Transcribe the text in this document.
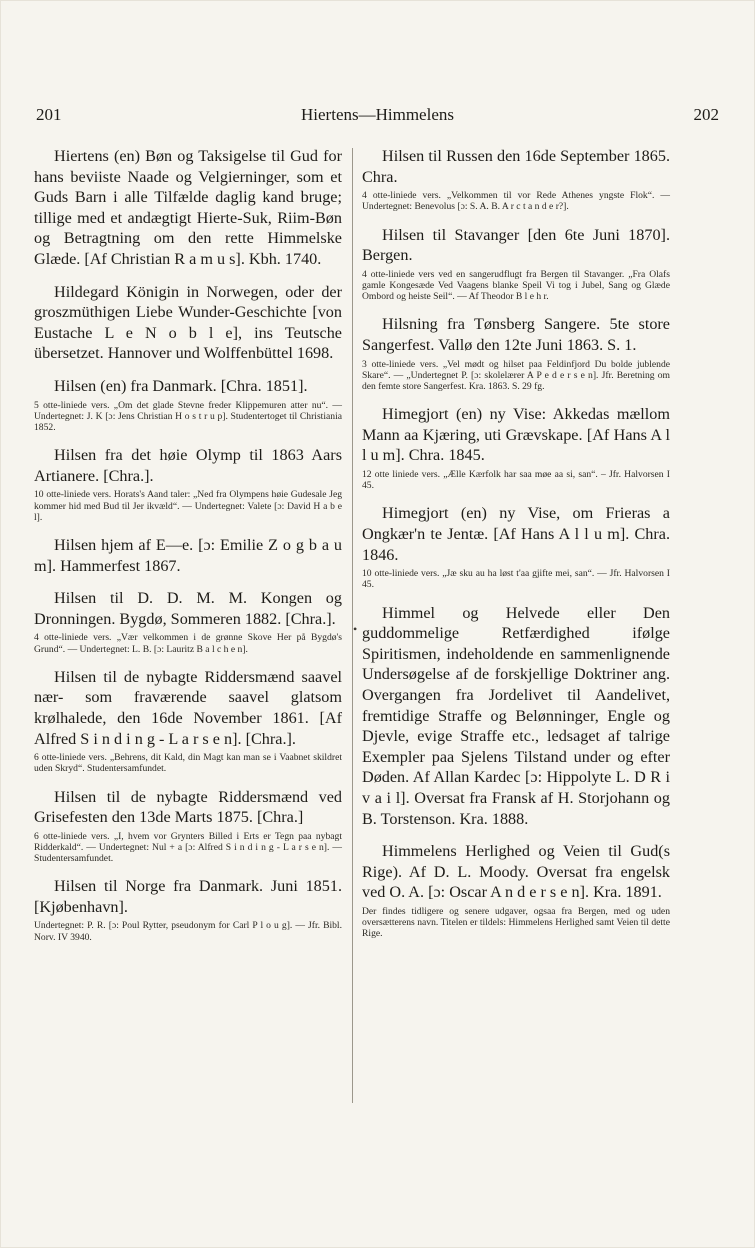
201	Hiertens—Himmelens	202

Hiertens (en) Bøn og Taksigelse til Gud for hans beviiste Naade og Velgierninger, som et Guds Barn i alle Tilfælde daglig kand bruge; tillige med et andægtigt Hierte-Suk, Riim-Bøn og Betragtning om den rette Himmelske Glæde. [Af Christian R a m u s]. Kbh. 1740.

Hildegard Königin in Norwegen, oder der groszmüthigen Liebe Wunder-Geschichte [von Eustache L e N o b l e], ins Teutsche übersetzet. Hannover und Wolffenbüttel 1698.

Hilsen (en) fra Danmark. [Chra. 1851].

5 otte-liniede vers. „Om det glade Stevne freder Klippemuren atter nu“. — Undertegnet: J. K [ɔ: Jens Christian H o s t r u p]. Studentertoget til Christiania 1852.

Hilsen fra det høie Olymp til 1863 Aars Artianere. [Chra.].

10 otte-liniede vers. Horats's Aand taler: „Ned fra Olympens høie Gudesale Jeg kommer hid med Bud til Jer ikvæld“. — Undertegnet: Valete [ɔ: David H a b e l].

Hilsen hjem af E—e. [ɔ: Emilie Z o g b a u m]. Hammerfest 1867.

Hilsen til D. D. M. M. Kongen og Dronningen. Bygdø, Sommeren 1882. [Chra.].

4 otte-liniede vers. „Vær velkommen i de grønne Skove Her på Bygdø's Grund“. — Undertegnet: L. B. [ɔ: Lauritz B a l c h e n].

Hilsen til de nybagte Riddersmænd saavel nær- som fraværende saavel glatsom krølhalede, den 16de November 1861. [Af Alfred S i n d i n g - L a r s e n]. [Chra.].

6 otte-liniede vers. „Behrens, dit Kald, din Magt kan man se i Vaabnet skildret uden Skryd“. Studentersamfundet.

Hilsen til de nybagte Riddersmænd ved Grisefesten den 13de Marts 1875. [Chra.]

6 otte-liniede vers. „I, hvem vor Grynters Billed i Erts er Tegn paa nybagt Ridderkald“. — Undertegnet: Nul + a [ɔ: Alfred S i n d i n g - L a r s e n]. — Studentersamfundet.

Hilsen til Norge fra Danmark. Juni 1851. [Kjøbenhavn].

Undertegnet: P. R. [ɔ: Poul Rytter, pseudonym for Carl P l o u g]. — Jfr. Bibl. Norv. IV 3940.

•

Hilsen til Russen den 16de September 1865. Chra.

4 otte-liniede vers. „Velkommen til vor Rede Athenes yngste Flok“. — Undertegnet: Benevolus [ɔ: S. A. B. A r c t a n d e r?].

Hilsen til Stavanger [den 6te Juni 1870]. Bergen.

4 otte-liniede vers ved en sangerudflugt fra Bergen til Stavanger. „Fra Olafs gamle Kongesæde Ved Vaagens blanke Speil Vi tog i Jubel, Sang og Glæde Ombord og heiste Seil“. — Af Theodor B l e h r.

Hilsning fra Tønsberg Sangere. 5te store Sangerfest. Vallø den 12te Juni 1863. S. 1.

3 otte-liniede vers. „Vel mødt og hilset paa Feldinfjord Du bolde jublende Skare“. — „Undertegnet P. [ɔ: skolelærer A P e d e r s e n]. Jfr. Beretning om den femte store Sangerfest. Kra. 1863. S. 29 fg.

Himegjort (en) ny Vise: Akkedas mællom Mann aa Kjæring, uti Grævskape. [Af Hans A l l u m]. Chra. 1845.

12 otte liniede vers. „Ælle Kærfolk har saa møe aa si, san“. – Jfr. Halvorsen I 45.

Himegjort (en) ny Vise, om Frieras a Ongkær'n te Jentæ. [Af Hans A l l u m]. Chra. 1846.

10 otte-liniede vers. „Jæ sku au ha løst t'aa gjifte mei, san“. — Jfr. Halvorsen I 45.

Himmel og Helvede eller Den guddommelige Retfærdighed ifølge Spiritismen, indeholdende en sammenlignende Undersøgelse af de forskjellige Doktriner ang. Overgangen fra Jordelivet til Aandelivet, fremtidige Straffe og Belønninger, Engle og Djevle, evige Straffe etc., ledsaget af talrige Exempler paa Sjelens Tilstand under og efter Døden. Af Allan Kardec [ɔ: Hippolyte L. D R i v a i l]. Oversat fra Fransk af H. Storjohann og B. Torstenson. Kra. 1888.

Himmelens Herlighed og Veien til Gud(s Rige). Af D. L. Moody. Oversat fra engelsk ved O. A. [ɔ: Oscar A n d e r s e n]. Kra. 1891.

Der findes tidligere og senere udgaver, ogsaa fra Bergen, med og uden oversætterens navn. Titelen er tildels: Himmelens Herlighed samt Veien til dette Rige.
